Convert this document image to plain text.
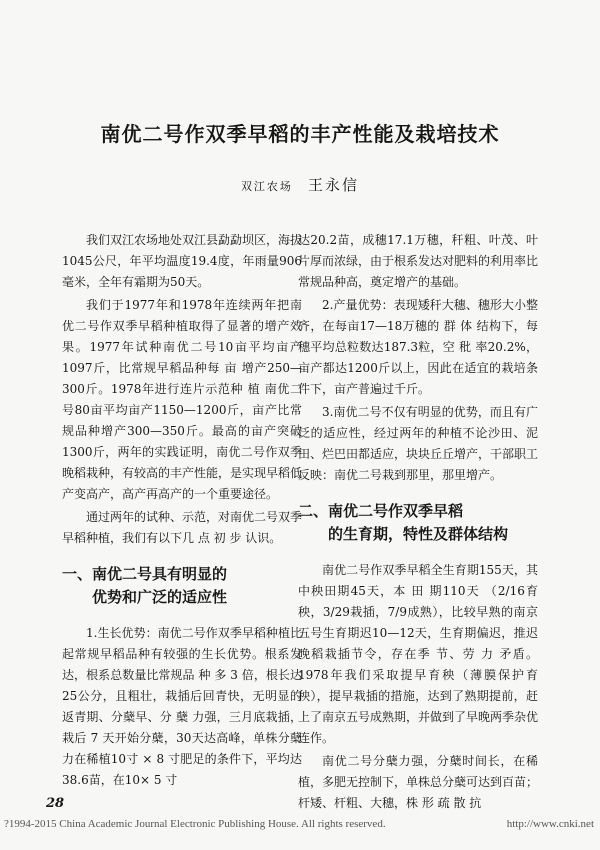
南优二号作双季早稻的丰产性能及栽培技术
双江农场 王永信

我们双江农场地处双江县勐勐坝区，海拔1045公尺，年平均温度19.4度，年雨量906毫米，全年有霜期为50天。

我们于1977年和1978年连续两年把南优二号作双季早稻种植取得了显著的增产效果。1977年试种南优二号10亩平均亩产1097斤，比常规早稻品种每 亩 增产250—300斤。1978年进行连片示范种 植 南优二号80亩平均亩产1150—1200斤，亩产比常规品种增产300—350斤。最高的亩产突破1300斤，两年的实践证明，南优二号作双季晚稻栽种，有较高的丰产性能，是实现早稻低产变高产，高产再高产的一个重要途径。

通过两年的试种、示范，对南优二号双季早稻种植，我们有以下几 点 初 步 认识。

一、南优二号具有明显的
优势和广泛的适应性

1.生长优势：南优二号作双季早稻种植比起常规早稻品种有较强的生长优势。根系发达，根系总数量比常规品 种 多 3 倍，根长达25公分，且粗壮，栽插后回青快，无明显的返青期、分蘖早、分 蘖 力强，三月底栽插，栽后 7 天开始分蘖，30天达高峰，单株分蘖力在稀植10寸 × 8 寸肥足的条件下，平均达38.6苗，在10× 5 寸

达20.2苗，成穗17.1万穗，秆粗、叶茂、叶片厚而浓绿，由于根系发达对肥料的利用率比常规品种高，奠定增产的基础。

2.产量优势：表现矮秆大穗、穗形大小整齐，在每亩17—18万穗的 群 体 结构下，每穗平均总粒数达187.3粒，空 秕 率20.2%，亩产都达1200斤以上，因此在适宜的栽培条件下，亩产普遍过千斤。

3.南优二号不仅有明显的优势，而且有广泛的适应性，经过两年的种植不论沙田、泥田、烂巴田都适应，块块丘丘增产，干部职工反映：南优二号栽到那里，那里增产。

二、南优二号作双季早稻
的生育期，特性及群体结构

南优二号作双季早稻全生育期155天，其中秧田期45天，本 田 期110天 （2/16育秧，3/29栽插，7/9成熟），比较早熟的南京五号生育期迟10—12天，生育期偏迟，推迟晚稻栽插节令，存在季 节、劳 力 矛盾。1978年我们采取提早育秧（薄膜保护育秧），提早栽插的措施，达到了熟期提前，赶上了南京五号成熟期，并做到了早晚两季杂优连作。

南优二号分蘖力强，分蘖时间长，在稀植，多肥无控制下，单株总分蘖可达到百苗；杆矮、杆粗、大穗，株 形 疏 散 抗

28
?1994-2015 China Academic Journal Electronic Publishing House. All rights reserved.	http://www.cnki.net
